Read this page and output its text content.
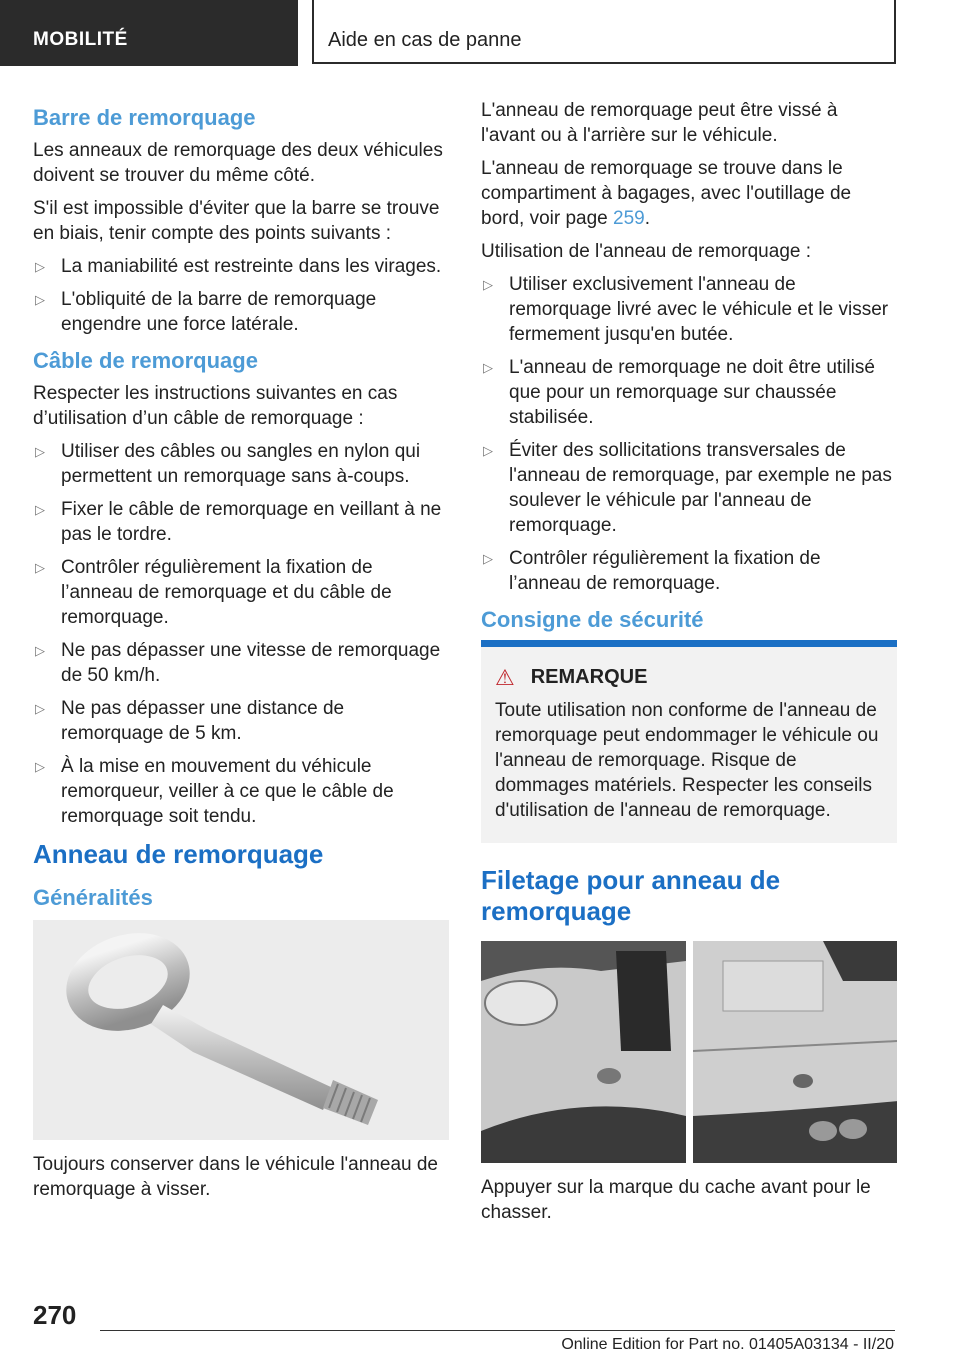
MOBILITÉ	Aide en cas de panne
Barre de remorquage

Les anneaux de remorquage des deux véhicules doivent se trouver du même côté.

S'il est impossible d'éviter que la barre se trouve en biais, tenir compte des points suivants :

▷ La maniabilité est restreinte dans les virages.
▷ L'obliquité de la barre de remorquage engendre une force latérale.
Câble de remorquage

Respecter les instructions suivantes en cas d’utilisation d’un câble de remorquage :

▷ Utiliser des câbles ou sangles en nylon qui permettent un remorquage sans à-coups.
▷ Fixer le câble de remorquage en veillant à ne pas le tordre.
▷ Contrôler régulièrement la fixation de l’anneau de remorquage et du câble de remorquage.
▷ Ne pas dépasser une vitesse de remorquage de 50 km/h.
▷ Ne pas dépasser une distance de remorquage de 5 km.
▷ À la mise en mouvement du véhicule remorqueur, veiller à ce que le câble de remorquage soit tendu.
Anneau de remorquage
Généralités

Toujours conserver dans le véhicule l'anneau de remorquage à visser.

L'anneau de remorquage peut être vissé à l'avant ou à l'arrière sur le véhicule.

L'anneau de remorquage se trouve dans le compartiment à bagages, avec l'outillage de bord, voir page 259.

Utilisation de l'anneau de remorquage :

▷ Utiliser exclusivement l'anneau de remorquage livré avec le véhicule et le visser fermement jusqu'en butée.
▷ L'anneau de remorquage ne doit être utilisé que pour un remorquage sur chaussée stabilisée.
▷ Éviter des sollicitations transversales de l'anneau de remorquage, par exemple ne pas soulever le véhicule par l'anneau de remorquage.
▷ Contrôler régulièrement la fixation de l’anneau de remorquage.
Consigne de sécurité
⚠ REMARQUE

Toute utilisation non conforme de l'anneau de remorquage peut endommager le véhicule ou l'anneau de remorquage. Risque de dommages matériels. Respecter les conseils d'utilisation de l'anneau de remorquage.

Filetage pour anneau de remorquage

Appuyer sur la marque du cache avant pour le chasser.

270
Online Edition for Part no. 01405A03134 - II/20
